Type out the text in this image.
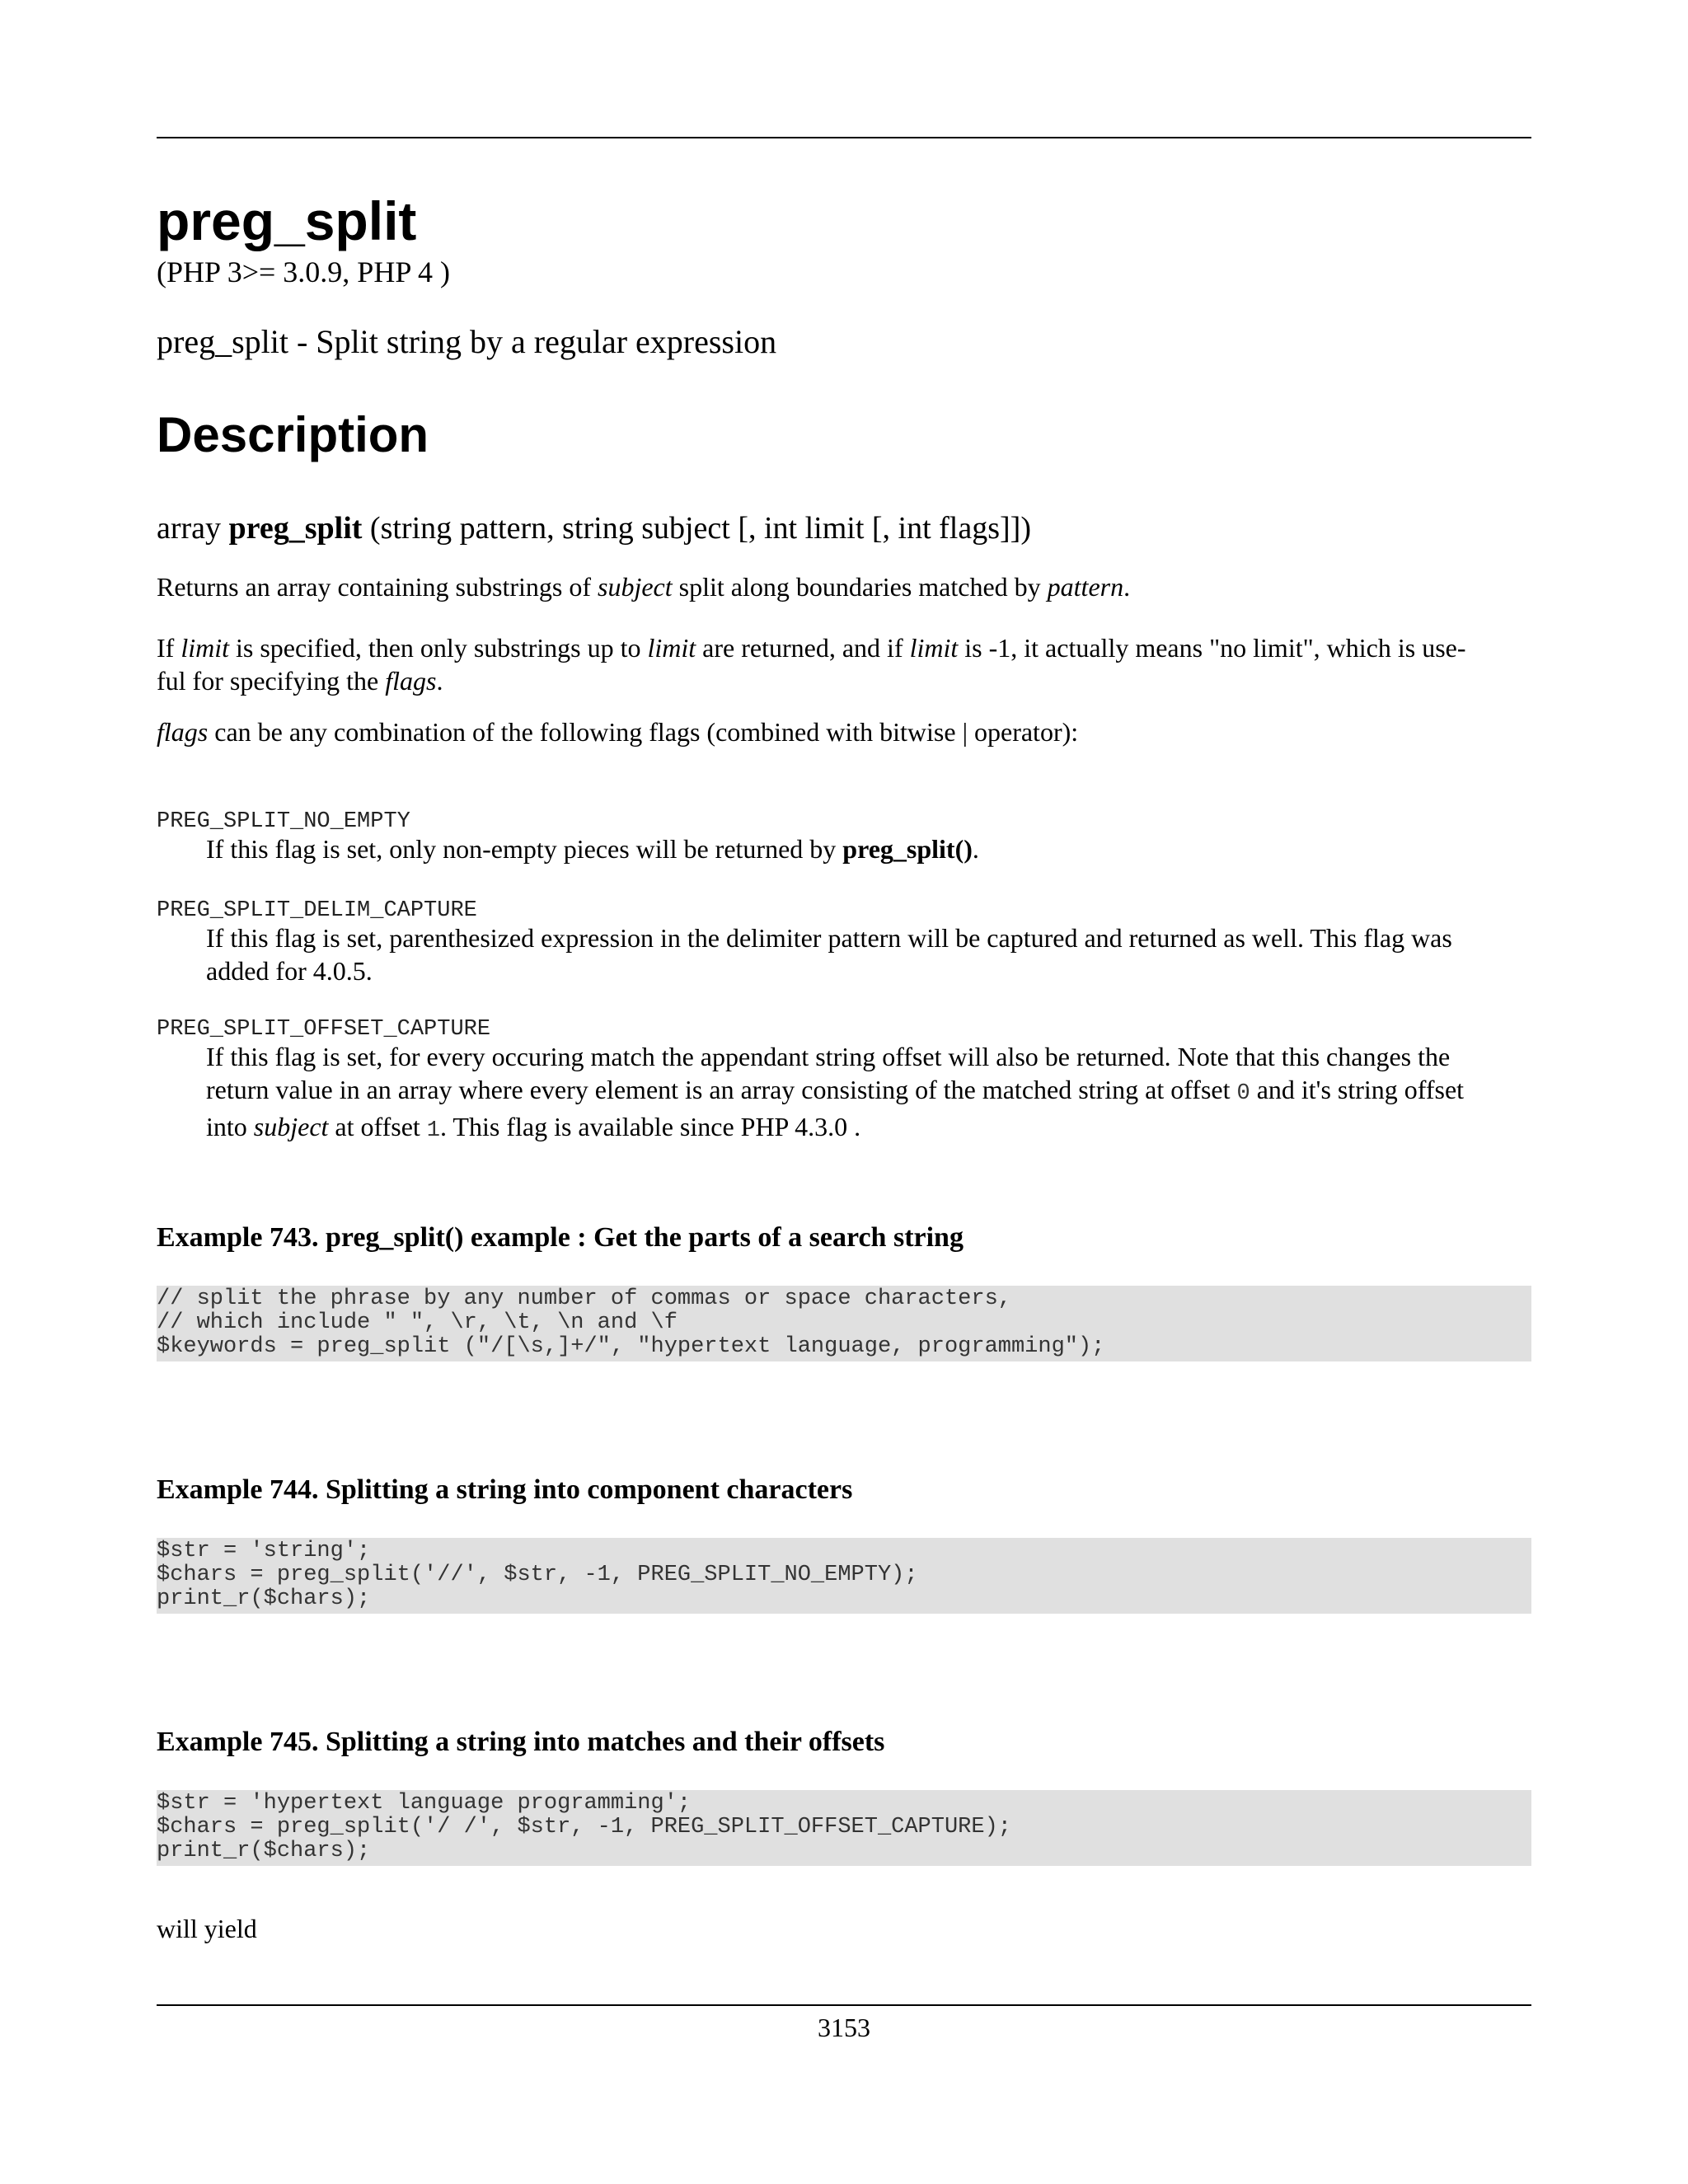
preg_split
(PHP 3>= 3.0.9, PHP 4 )
preg_split - Split string by a regular expression
Description
array preg_split (string pattern, string subject [, int limit [, int flags]])
Returns an array containing substrings of subject split along boundaries matched by pattern.
If limit is specified, then only substrings up to limit are returned, and if limit is -1, it actually means "no limit", which is use-
ful for specifying the flags.
flags can be any combination of the following flags (combined with bitwise | operator):
PREG_SPLIT_NO_EMPTY
If this flag is set, only non-empty pieces will be returned by preg_split().
PREG_SPLIT_DELIM_CAPTURE
If this flag is set, parenthesized expression in the delimiter pattern will be captured and returned as well. This flag was
added for 4.0.5.
PREG_SPLIT_OFFSET_CAPTURE
If this flag is set, for every occuring match the appendant string offset will also be returned. Note that this changes the
return value in an array where every element is an array consisting of the matched string at offset 0 and it's string offset
into subject at offset 1. This flag is available since PHP 4.3.0 .
Example 743. preg_split() example : Get the parts of a search string
// split the phrase by any number of commas or space characters,
// which include " ", \r, \t, \n and \f
$keywords = preg_split ("/[\s,]+/", "hypertext language, programming");
Example 744. Splitting a string into component characters
$str = 'string';
$chars = preg_split('//', $str, -1, PREG_SPLIT_NO_EMPTY);
print_r($chars);
Example 745. Splitting a string into matches and their offsets
$str = 'hypertext language programming';
$chars = preg_split('/ /', $str, -1, PREG_SPLIT_OFFSET_CAPTURE);
print_r($chars);
will yield
3153
